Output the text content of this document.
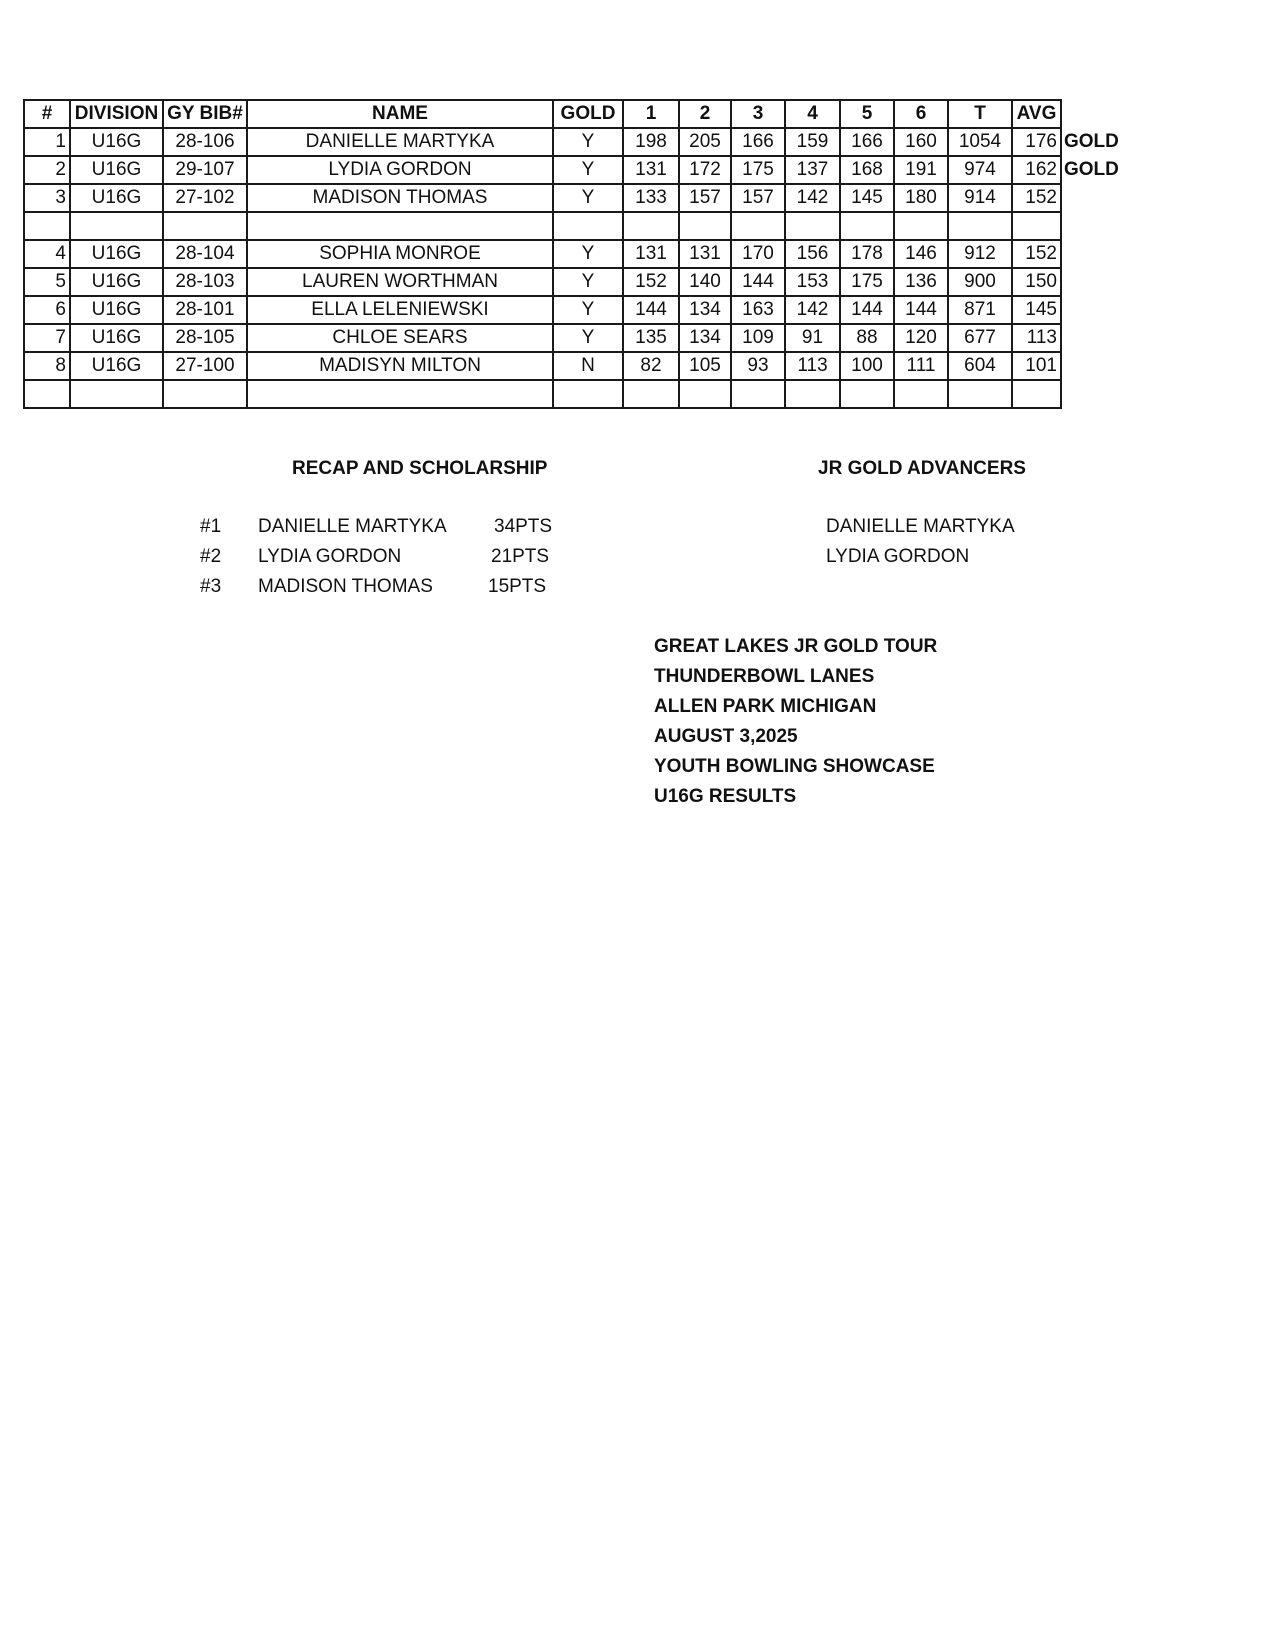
#	DIVISION	GY BIB#	NAME	GOLD	1	2	3	4	5	6	T	AVG
1	U16G	28-106	DANIELLE MARTYKA	Y	198	205	166	159	166	160	1054	176 GOLD

2	U16G	29-107	LYDIA GORDON	Y	131	172	175	137	168	191	974	162 GOLD

3	U16G	27-102	MADISON THOMAS	Y	133	157	157	142	145	180	914	152

4	U16G	28-104	SOPHIA MONROE	Y	131	131	170	156	178	146	912	152
5	U16G	28-103	LAUREN WORTHMAN	Y	152	140	144	153	175	136	900	150
6	U16G	28-101	ELLA LELENIEWSKI	Y	144	134	163	142	144	144	871	145
7	U16G	28-105	CHLOE SEARS	Y	135	134	109	91	88	120	677	113
8	U16G	27-100	MADISYN MILTON	N	82	105	93	113	100	111	604	101

RECAP AND SCHOLARSHIP
#1 DANIELLE MARTYKA 34PTS
#2 LYDIA GORDON	21PTS
#3 MADISON THOMAS	15PTS
JR GOLD ADVANCERS
DANIELLE MARTYKA
LYDIA GORDON
GREAT LAKES JR GOLD TOUR
THUNDERBOWL LANES
ALLEN PARK MICHIGAN
AUGUST 3,2025
YOUTH BOWLING SHOWCASE
U16G RESULTS
